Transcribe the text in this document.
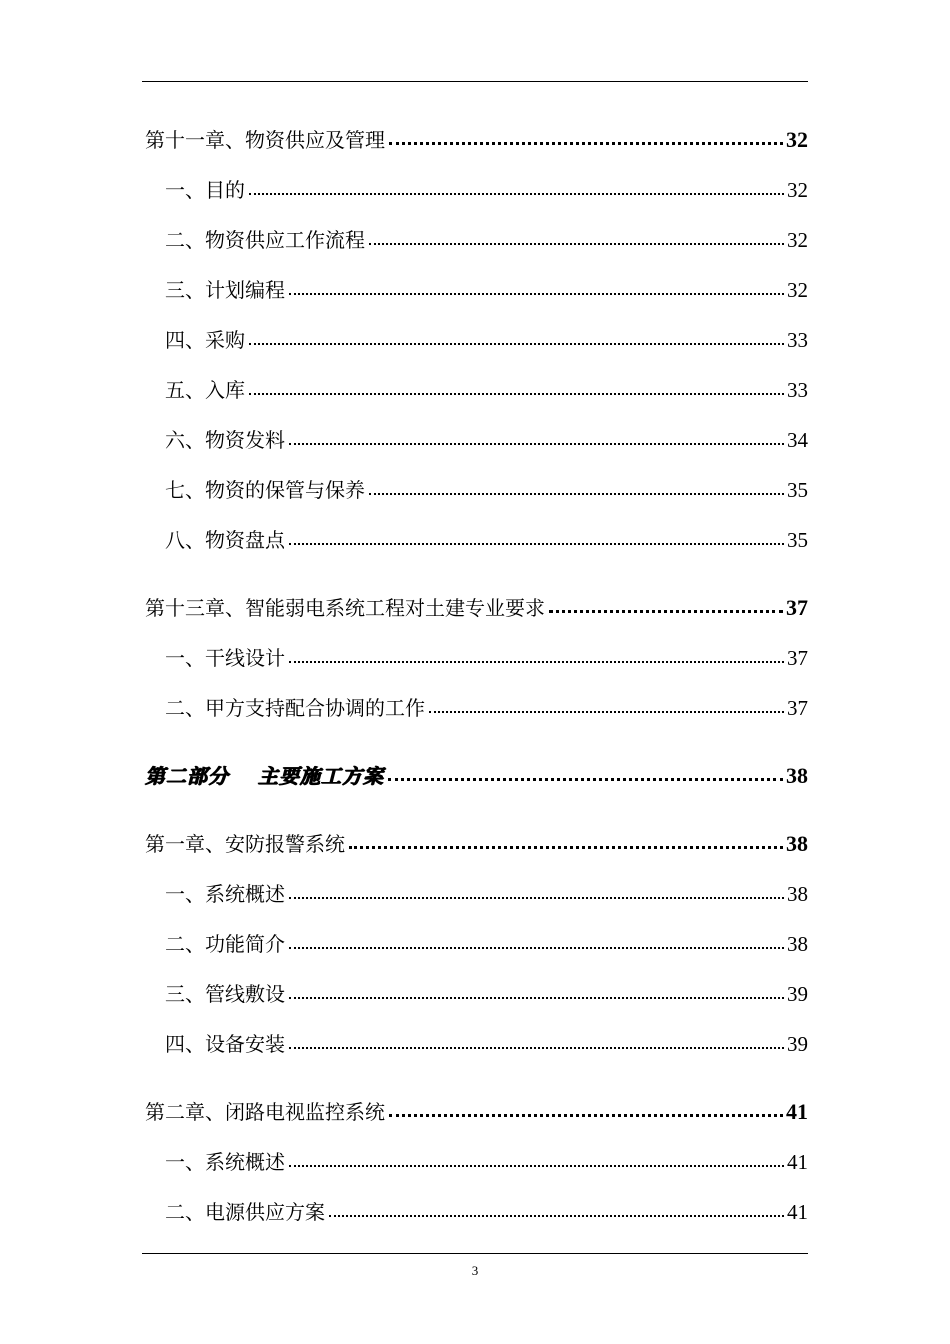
第十一章、物资供应及管理	32
一、目的	32
二、物资供应工作流程	32
三、计划编程	32
四、采购	33
五、入库	33
六、物资发料	34
七、物资的保管与保养	35
八、物资盘点	35
第十三章、智能弱电系统工程对土建专业要求	37
一、干线设计	37
二、甲方支持配合协调的工作	37
第二部分　 主要施工方案	38
第一章、安防报警系统	38
一、系统概述	38
二、功能简介	38
三、管线敷设	39
四、设备安装	39
第二章、闭路电视监控系统	41
一、系统概述	41
二、电源供应方案	41
3
